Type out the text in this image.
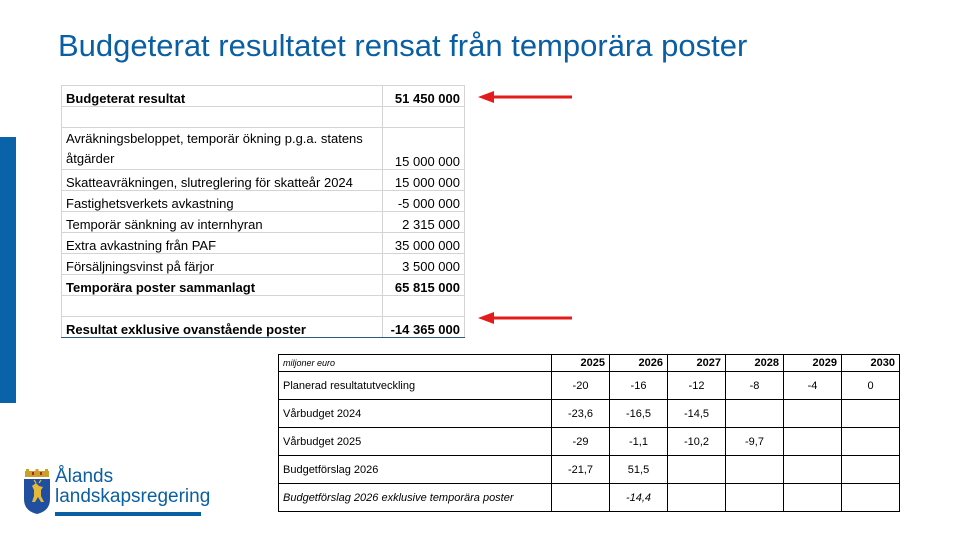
Budgeterat resultatet rensat från temporära poster
Budgeterat resultat	51 450 000

Avräkningsbeloppet, temporär ökning p.g.a. statens åtgärder	15 000 000
Skatteavräkningen, slutreglering för skatteår 2024	15 000 000
Fastighetsverkets avkastning	-5 000 000
Temporär sänkning av internhyran	2 315 000
Extra avkastning från PAF	35 000 000
Försäljningsvinst på färjor	3 500 000
Temporära poster sammanlagt	65 815 000

Resultat exklusive ovanstående poster	-14 365 000
miljoner euro	2025	2026	2027	2028	2029	2030
Planerad resultatutveckling	-20	-16	-12	-8	-4	0
Vårbudget 2024	-23,6	-16,5	-14,5			
Vårbudget 2025	-29	-1,1	-10,2	-9,7		
Budgetförslag 2026	-21,7	51,5				
Budgetförslag 2026 exklusive temporära poster		-14,4				
Ålands
landskapsregering
